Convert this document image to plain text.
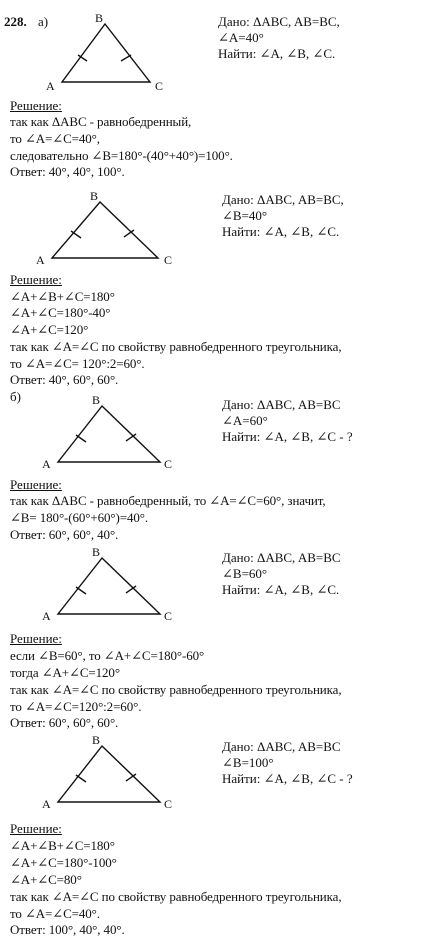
228. а)	B
A	C
Дано: ΔABC, AB=BC,
∠A=40°
Найти: ∠A, ∠B, ∠C.
Решение:
так как ΔABC - равнобедренный,
то ∠A=∠C=40°,
следовательно ∠B=180°-(40°+40°)=100°.
Ответ: 40°, 40°, 100°.
B
A	C
Дано: ΔABC, AB=BC,
∠B=40°
Найти: ∠A, ∠B, ∠C.
Решение:
∠A+∠B+∠C=180°
∠A+∠C=180°-40°
∠A+∠C=120°
так как ∠A=∠C по свойству равнобедренного треугольника,
то ∠A=∠C= 120°:2=60°.
Ответ: 40°, 60°, 60°.
б)	B
A	C
Дано: ΔABC, AB=BC
∠A=60°
Найти: ∠A, ∠B, ∠C - ?
Решение:
так как ΔABC - равнобедренный, то ∠A=∠C=60°, значит,
∠B= 180°-(60°+60°)=40°.
Ответ: 60°, 60°, 40°.
B
A	C
Дано: ΔABC, AB=BC
∠B=60°
Найти: ∠A, ∠B, ∠C.
Решение:
если ∠B=60°, то ∠A+∠C=180°-60°
тогда ∠A+∠C=120°
так как ∠A=∠C по свойству равнобедренного треугольника,
то ∠A=∠C=120°:2=60°.
Ответ: 60°, 60°, 60°.
B
A	C
Дано: ΔABC, AB=BC
∠B=100°
Найти: ∠A, ∠B, ∠C - ?
Решение:
∠A+∠B+∠C=180°
∠A+∠C=180°-100°
∠A+∠C=80°
так как ∠A=∠C по свойству равнобедренного треугольника,
то ∠A=∠C=40°.
Ответ: 100°, 40°, 40°.
